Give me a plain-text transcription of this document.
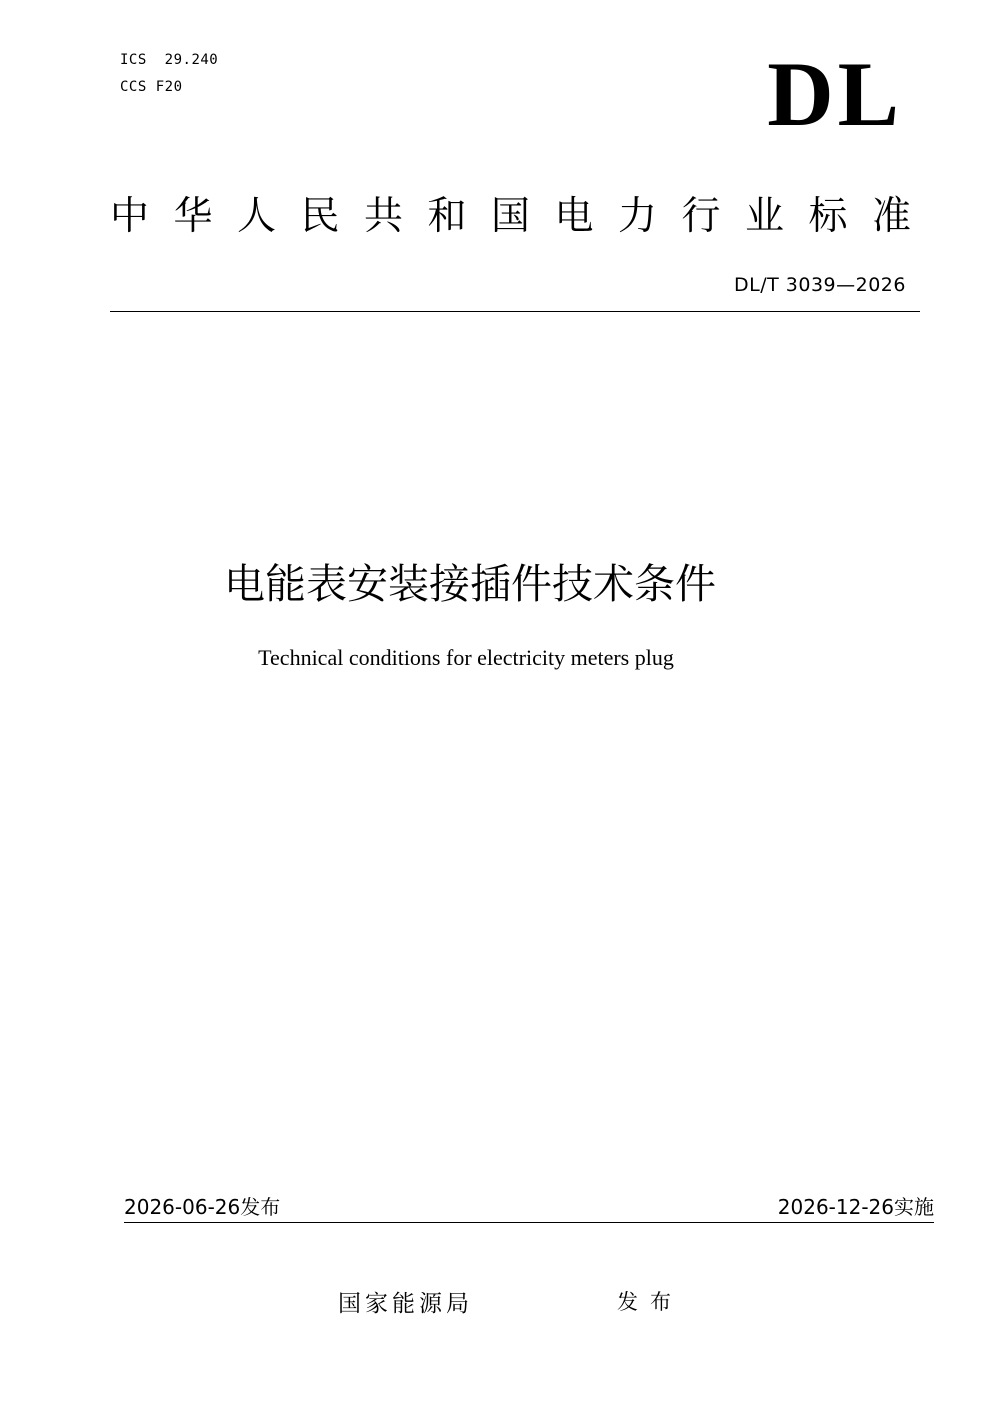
ICS 29.240
CCS F20	DL
中华人民共和国电力行业标准
DL/T 3039—2026
电能表安装接插件技术条件
Technical conditions for electricity meters plug
2026-06-26发布	2026-12-26实施
国家能源局	发布
